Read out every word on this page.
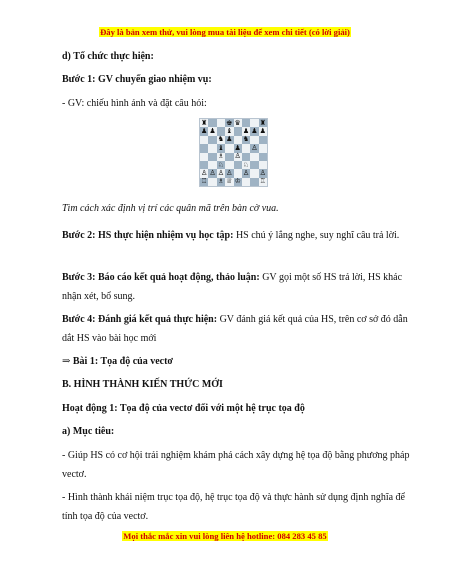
Đây là bản xem thử, vui lòng mua tài liệu để xem chi tiết (có lời giải)
d) Tổ chức thực hiện:
Bước 1: GV chuyển giao nhiệm vụ:
- GV: chiếu hình ảnh và đặt câu hỏi:
Tìm cách xác định vị trí các quân mã trên bàn cờ vua.
Bước 2: HS thực hiện nhiệm vụ học tập: HS chú ý lắng nghe, suy nghĩ câu trả lời.
Bước 3: Báo cáo kết quả hoạt động, thảo luận: GV gọi một số HS trả lời, HS khác nhận xét, bổ sung.
Bước 4: Đánh giá kết quả thực hiện: GV đánh giá kết quả của HS, trên cơ sở đó dẫn dắt HS vào bài học mới
⇒ Bài 1: Tọa độ của vectơ
B. HÌNH THÀNH KIẾN THỨC MỚI
Hoạt động 1: Tọa độ của vectơ đối với một hệ trục tọa độ
a) Mục tiêu:
- Giúp HS có cơ hội trải nghiệm khám phá cách xây dựng hệ tọa độ bằng phương pháp vectơ.
- Hình thành khái niệm trục tọa độ, hệ trục tọa độ và thực hành sử dụng định nghĩa để tính tọa độ của vectơ.
♜	♚ ♛	♜
♟ ♟ ♝ ♟ ♟ ♟
♞ ♟ ♞
♝ ♟ ♙
♗ ♙
♘	♘
♙ ♙ ♙ ♙ ♙ ♙
♖ ♗ ♕ ♔	♖
Mọi thắc mắc xin vui lòng liên hệ hotline: 084 283 45 85
